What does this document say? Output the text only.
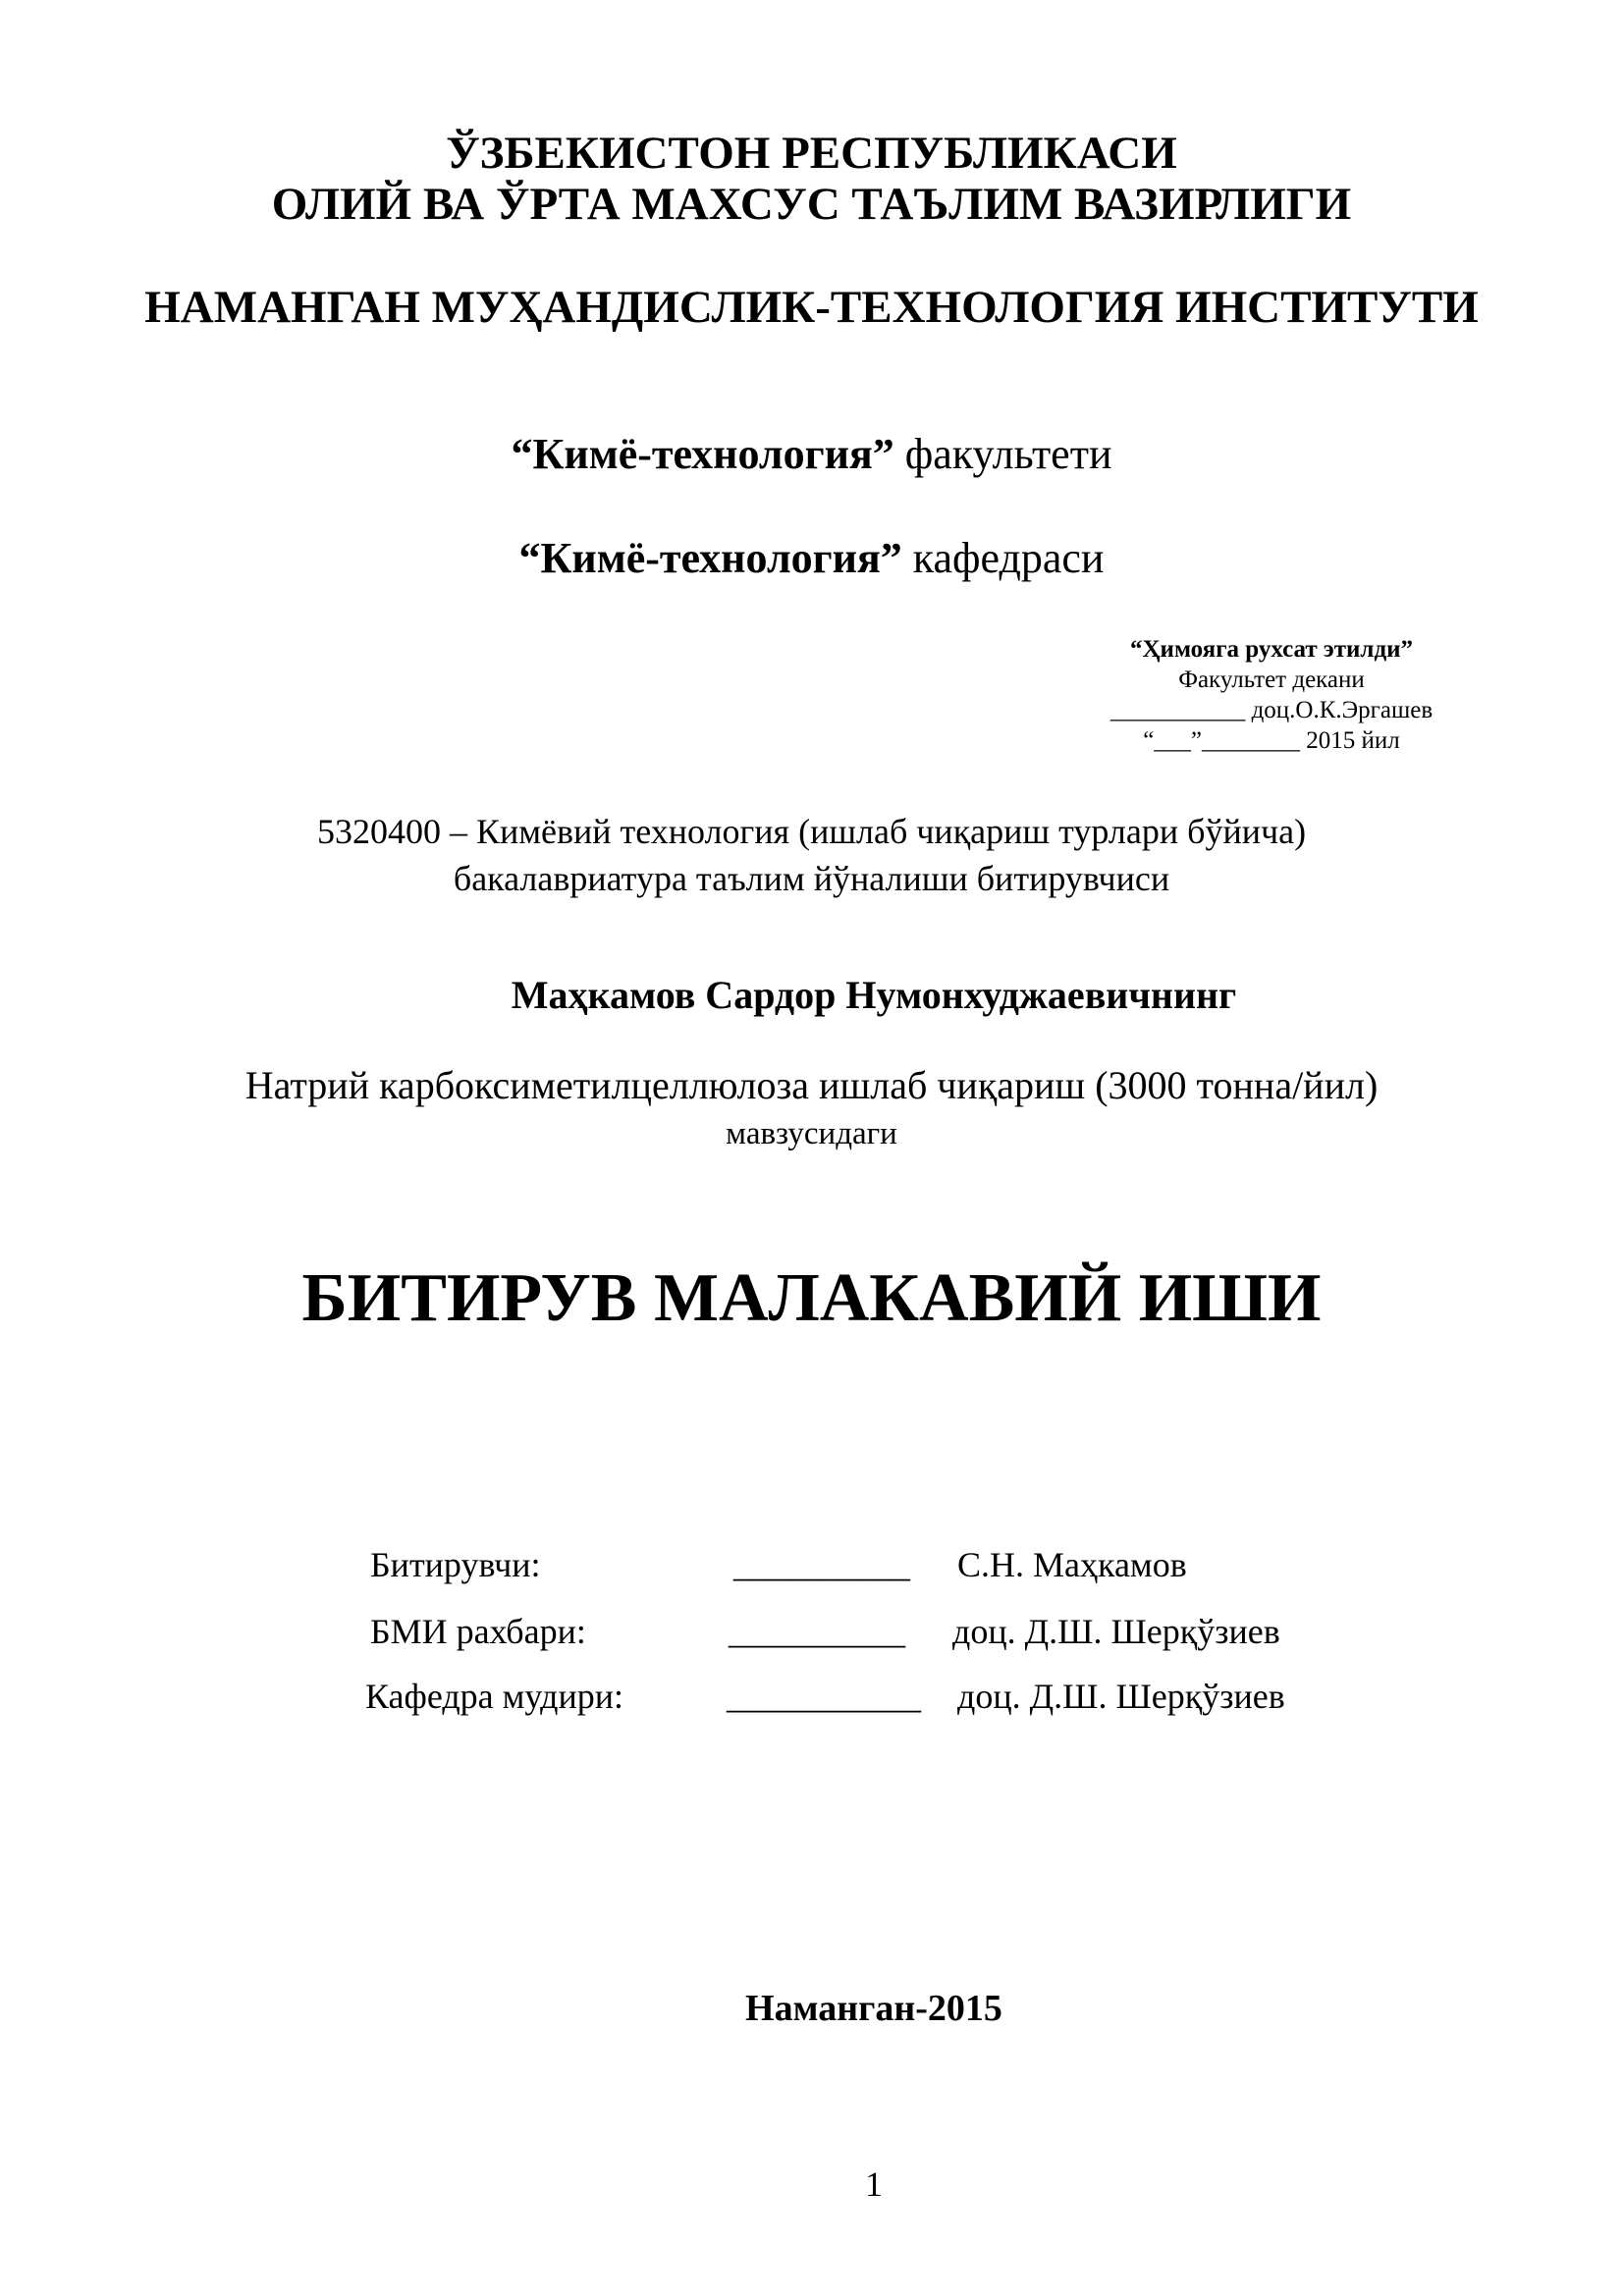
ЎЗБЕКИСТОН РЕСПУБЛИКАСИ
ОЛИЙ ВА ЎРТА МАХСУС ТАЪЛИМ ВАЗИРЛИГИ
НАМАНГАН МУҲАНДИСЛИК-ТЕХНОЛОГИЯ ИНСТИТУТИ
“Кимё-технология” факультети
“Кимё-технология” кафедраси
“Ҳимояга рухсат этилди”
Факультет декани
___________ доц.О.К.Эргашев
“___”________ 2015 йил
5320400 – Кимёвий технология (ишлаб чиқариш турлари бўйича)
бакалавриатура таълим йўналиши битирувчиси
Маҳкамов Сардор Нумонхуджаевичнинг
Натрий карбоксиметилцеллюлоза ишлаб чиқариш (3000 тонна/йил)
мавзусидаги
БИТИРУВ МАЛАКАВИЙ ИШИ
Битирувчи:	__________ С.Н. Маҳкамов
БМИ рахбари:	__________ доц. Д.Ш. Шерқўзиев
Кафедра мудири:	___________ доц. Д.Ш. Шерқўзиев
Наманган-2015
1
